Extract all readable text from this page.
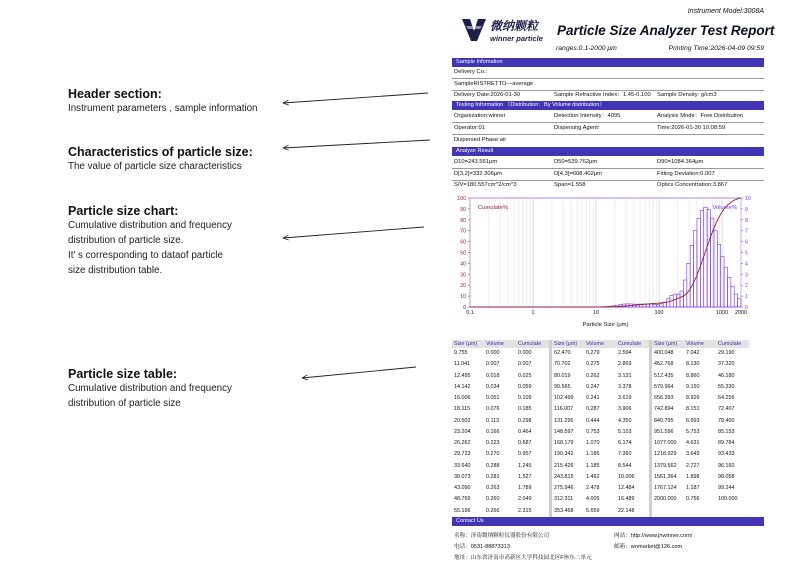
Header section:
Instrument parameters , sample information
Characteristics of particle size:
The value of particle size characteristics
Particle size chart:
Cumulative distribution and frequency
distribution of particle size.
It' s corresponding to dataof particle
size distribution table.
Particle size table:
Cumulative distribution and frequency
distribution of particle size
Instrument Model:3008A
微纳颗粒
winner particle
Particle Size Analyzer Test Report
ranges:0.1-2000 μm	Printing Time:2026-04-09 09:59
Sample Infomation
Delivery Co.:
SampleRISTRETTO—average
Delivery Date:2026-01-30	Sample Refractive Index：1.45-0.100 Sample Density: g/cm3
Testing Information （Distribution：By Volume distribution）
Organization:winner	Detection Intensity：4095	Analysis Mode：Free Distribution
Operator:01	Dispersing Agent:	Time:2026-01-30 10:08:59
Dispersed Phase:air
Analyse Result
D10=243.561μm	D50=539.762μm	D90=1084.364μm
D[3,2]=332.306μm	D[4,3]=608.402μm	Fitting Deviation:0.007
S/V=180.557cm^2/cm^3	Span=1.558	Optics Concentration:3.867
0
10
20
30
40
50
60
70
80
90
100
0
1
2
3
4
5
6
7
8
9
10
0.1	1	10	100	1000 2000
Cumulate%	Volume%
Particle Size (μm)
Size (μm) Volume	Cumulate
9.755	0.000	0.000
11.041	0.007	0.007
12.495	0.018	0.025
14.142	0.034	0.059
16.006	0.051	0.109
18.115	0.076	0.185
20.502	0.113	0.298
23.204	0.166	0.464
26.262	0.223	0.687
29.723	0.270	0.957
33.640	0.288	1.245
38.073	0.281	1.527
43.090	0.263	1.789
48.769	0.260	2.049
55.196	0.266	2.315
Size (μm) Volume	Cumulate
62.470	0.279	2.594
70.702	0.275	2.869
80.019	0.262	3.131
90.565	0.247	3.378
102.499 0.241	3.619
116.007 0.287	3.906
131.295 0.444	4.350
148.597 0.753	5.103
168.179 1.070	6.174
190.342 1.186	7.360
215.426 1.185	8.544
243.815 1.462	10.006
275.946 2.478	12.484
312.311 4.005	16.489
353.468 5.659	22.148
Size (μm) Volume	Cumulate
400.048 7.042	29.190
452.768 8.130	37.320
512.435 8.860	46.180
579.964 9.150	55.330
656.393 8.926	64.256
742.894 8.151	72.407
840.795 6.993	79.400
951.596 5.753	85.153
1077.000 4.631	89.784
1218.929 3.649	93.433
1379.562 2.727	96.160
1561.364 1.898	98.058
1767.124 1.187	99.244
2000.000 0.756	100.000
Contact Us
名称：济南微纳颗粒仪器股份有限公司	网站：http://www.jnwinner.com/
电话：0531-88873313	邮箱：wnmarket@126.com
地址：山东省济南市高新区大学科技园北区F座东二单元
